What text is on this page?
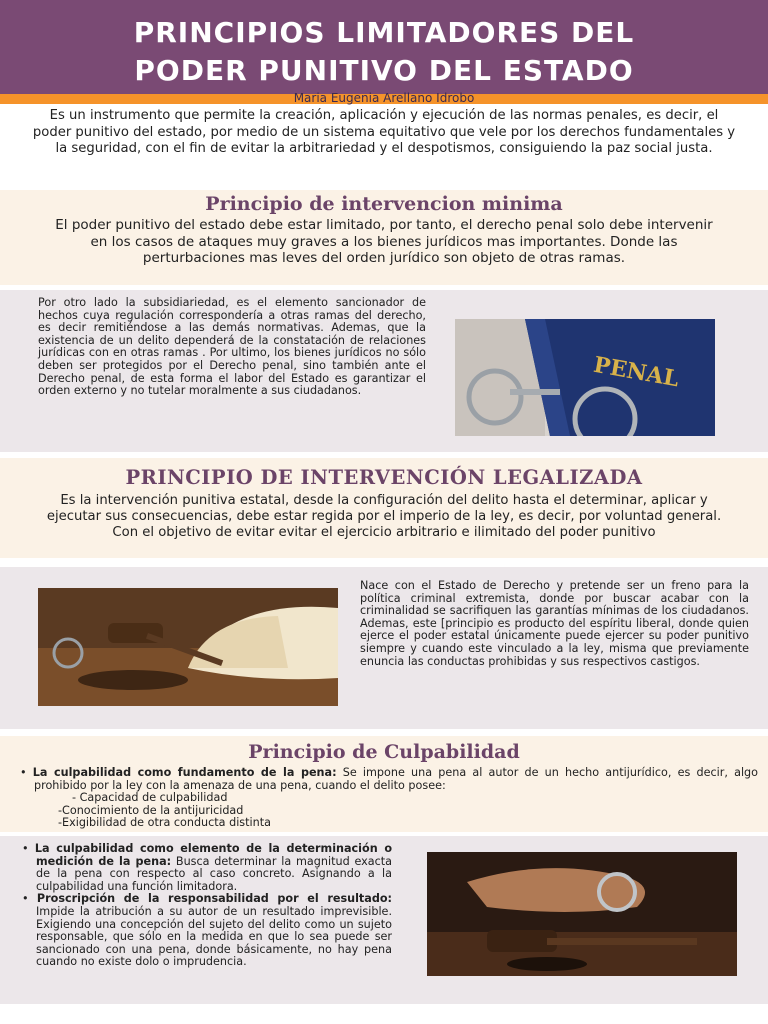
PRINCIPIOS LIMITADORES DEL
PODER PUNITIVO DEL ESTADO
Maria Eugenia Arellano Idrobo
Es un instrumento que permite la creación, aplicación y ejecución de las normas penales, es decir, el poder punitivo del estado, por medio de un sistema equitativo que vele por los derechos fundamentales y la seguridad, con el fin de evitar la arbitrariedad y el despotismos, consiguiendo la paz social justa.
Principio de intervencion minima
El poder punitivo del estado debe estar limitado, por tanto, el derecho penal solo debe intervenir en los casos de ataques muy graves a los bienes jurídicos mas importantes. Donde las perturbaciones mas leves del orden jurídico son objeto de otras ramas.
Por otro lado la subsidiariedad, es el elemento sancionador de hechos cuya regulación correspondería a otras ramas del derecho, es decir remitiéndose a las demás normativas. Ademas, que la existencia de un delito dependerá de la constatación de relaciones jurídicas con en otras ramas . Por ultimo, los bienes jurídicos no sólo deben ser protegidos por el Derecho penal, sino también ante el Derecho penal, de esta forma el labor del Estado es garantizar el orden externo y no tutelar moralmente a sus ciudadanos.	PENAL
PRINCIPIO DE INTERVENCIÓN LEGALIZADA
Es la intervención punitiva estatal, desde la configuración del delito hasta el determinar, aplicar y ejecutar sus consecuencias, debe estar regida por el imperio de la ley, es decir, por voluntad general. Con el objetivo de evitar evitar el ejercicio arbitrario e ilimitado del poder punitivo
Nace con el Estado de Derecho y pretende ser un freno para la política criminal extremista, donde por buscar acabar con la criminalidad se sacrifiquen las garantías mínimas de los ciudadanos. Ademas, este [principio es producto del espíritu liberal, donde quien ejerce el poder estatal únicamente puede ejercer su poder punitivo siempre y cuando este vinculado a la ley, misma que previamente enuncia las conductas prohibidas y sus respectivos castigos.
Principio de Culpabilidad
• La culpabilidad como fundamento de la pena: Se impone una pena al autor de un hecho antijurídico, es decir, algo prohibido por la ley con la amenaza de una pena, cuando el delito posee:
- Capacidad de culpabilidad
-Conocimiento de la antijuricidad
-Exigibilidad de otra conducta distinta
• La culpabilidad como elemento de la determinación o medición de la pena: Busca determinar la magnitud exacta de la pena con respecto al caso concreto. Asignando a la culpabilidad una función limitadora.
• Proscripción de la responsabilidad por el resultado: Impide la atribución a su autor de un resultado imprevisible. Exigiendo una concepción del sujeto del delito como un sujeto responsable, que sólo en la medida en que lo sea puede ser sancionado con una pena, donde básicamente, no hay pena cuando no existe dolo o imprudencia.
